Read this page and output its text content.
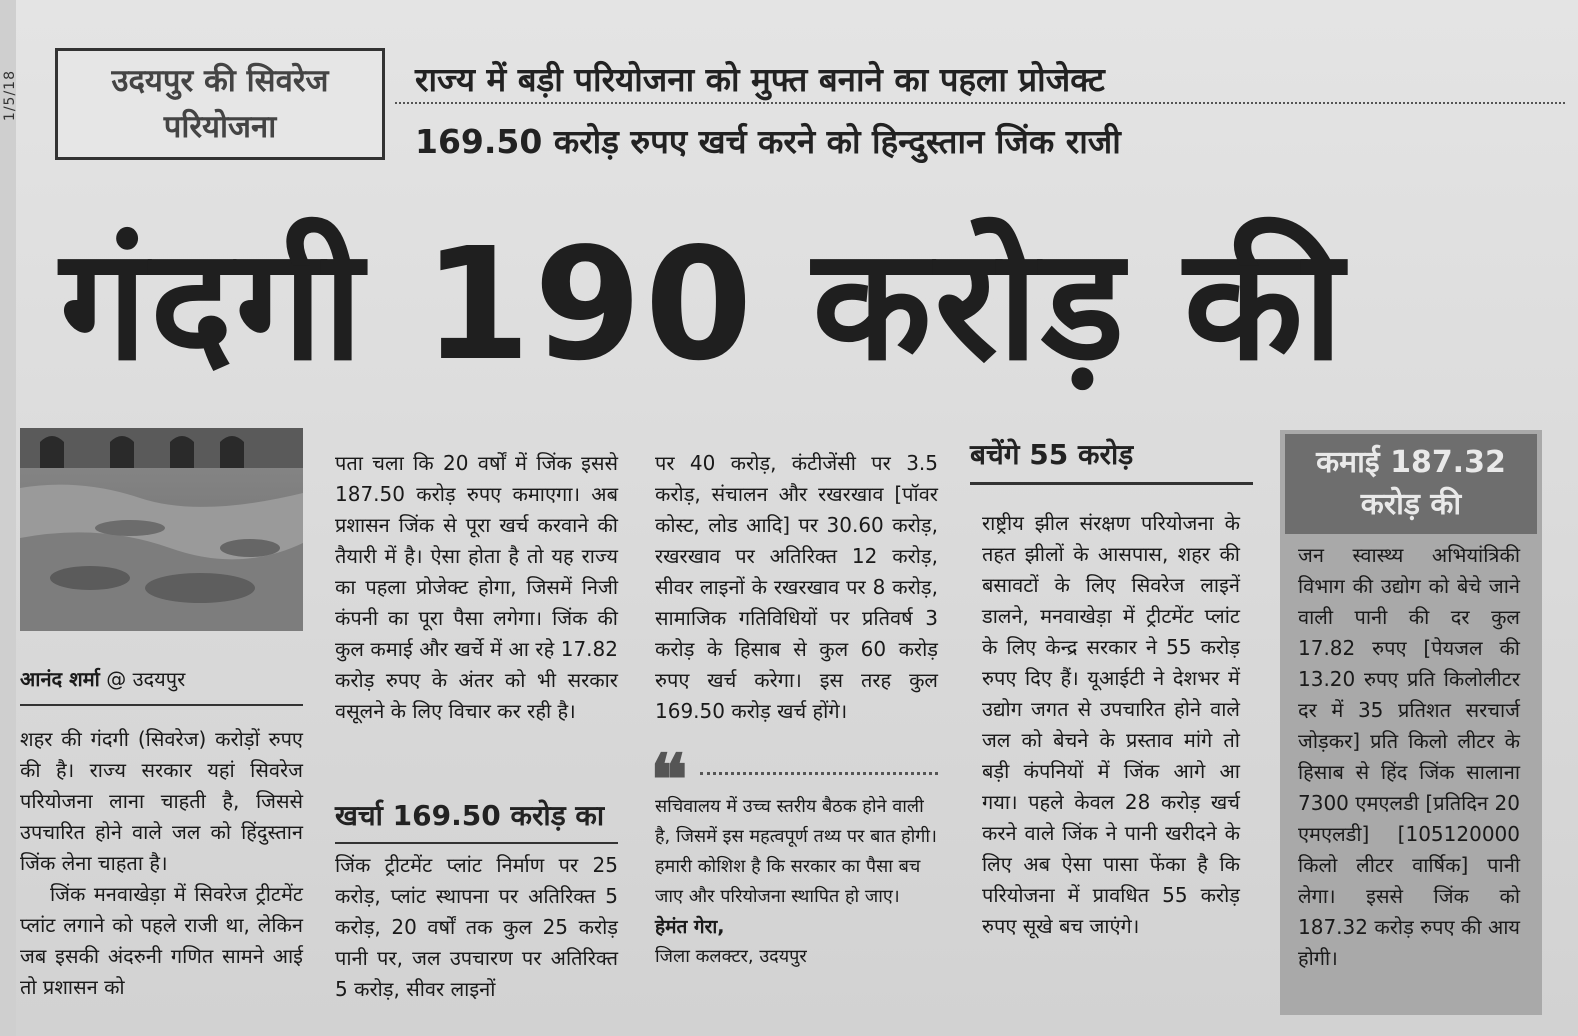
1/5/18	उदयपुर की सिवरेज
परियोजना
राज्य में बड़ी परियोजना को मुफ्त बनाने का पहला प्रोजेक्ट
169.50 करोड़ रुपए खर्च करने को हिन्दुस्तान जिंक राजी
गंदगी 190 करोड़ की
आनंद शर्मा @ उदयपुर

शहर की गंदगी (सिवरेज) करोड़ों रुपए की है। राज्य सरकार यहां सिवरेज परियोजना लाना चाहती है, जिससे उपचारित होने वाले जल को हिंदुस्तान जिंक लेना चाहता है।

जिंक मनवाखेड़ा में सिवरेज ट्रीटमेंट प्लांट लगाने को पहले राजी था, लेकिन जब इसकी अंदरुनी गणित सामने आई तो प्रशासन को

पता चला कि 20 वर्षों में जिंक इससे 187.50 करोड़ रुपए कमाएगा। अब प्रशासन जिंक से पूरा खर्च करवाने की तैयारी में है। ऐसा होता है तो यह राज्य का पहला प्रोजेक्ट होगा, जिसमें निजी कंपनी का पूरा पैसा लगेगा। जिंक की कुल कमाई और खर्चे में आ रहे 17.82 करोड़ रुपए के अंतर को भी सरकार वसूलने के लिए विचार कर रही है।

खर्चा 169.50 करोड़ का

जिंक ट्रीटमेंट प्लांट निर्माण पर 25 करोड़, प्लांट स्थापना पर अतिरिक्त 5 करोड़, 20 वर्षों तक कुल 25 करोड़ पानी पर, जल उपचारण पर अतिरिक्त 5 करोड़, सीवर लाइनों

पर 40 करोड़, कंटीजेंसी पर 3.5 करोड़, संचालन और रखरखाव [पॉवर कोस्ट, लोड आदि] पर 30.60 करोड़, रखरखाव पर अतिरिक्त 12 करोड़, सीवर लाइनों के रखरखाव पर 8 करोड़, सामाजिक गतिविधियों पर प्रतिवर्ष 3 करोड़ के हिसाब से कुल 60 करोड़ रुपए खर्च करेगा। इस तरह कुल 169.50 करोड़ खर्च होंगे।

❝
सचिवालय में उच्च स्तरीय बैठक होने वाली है, जिसमें इस महत्वपूर्ण तथ्य पर बात होगी। हमारी कोशिश है कि सरकार का पैसा बच जाए और परियोजना स्थापित हो जाए।
हेमंत गेरा,
जिला कलक्टर, उदयपुर
बचेंगे 55 करोड़

राष्ट्रीय झील संरक्षण परियोजना के तहत झीलों के आसपास, शहर की बसावटों के लिए सिवरेज लाइनें डालने, मनवाखेड़ा में ट्रीटमेंट प्लांट के लिए केन्द्र सरकार ने 55 करोड़ रुपए दिए हैं। यूआईटी ने देशभर में उद्योग जगत से उपचारित होने वाले जल को बेचने के प्रस्ताव मांगे तो बड़ी कंपनियों में जिंक आगे आ गया। पहले केवल 28 करोड़ खर्च करने वाले जिंक ने पानी खरीदने के लिए अब ऐसा पासा फेंका है कि परियोजना में प्रावधित 55 करोड़ रुपए सूखे बच जाएंगे।

कमाई 187.32
करोड़ की
जन स्वास्थ्य अभियांत्रिकी विभाग की उद्योग को बेचे जाने वाली पानी की दर कुल 17.82 रुपए [पेयजल की 13.20 रुपए प्रति किलोलीटर दर में 35 प्रतिशत सरचार्ज जोड़कर] प्रति किलो लीटर के हिसाब से हिंद जिंक सालाना 7300 एमएलडी [प्रतिदिन 20 एमएलडी] [105120000 किलो लीटर वार्षिक] पानी लेगा। इससे जिंक को 187.32 करोड़ रुपए की आय होगी।
